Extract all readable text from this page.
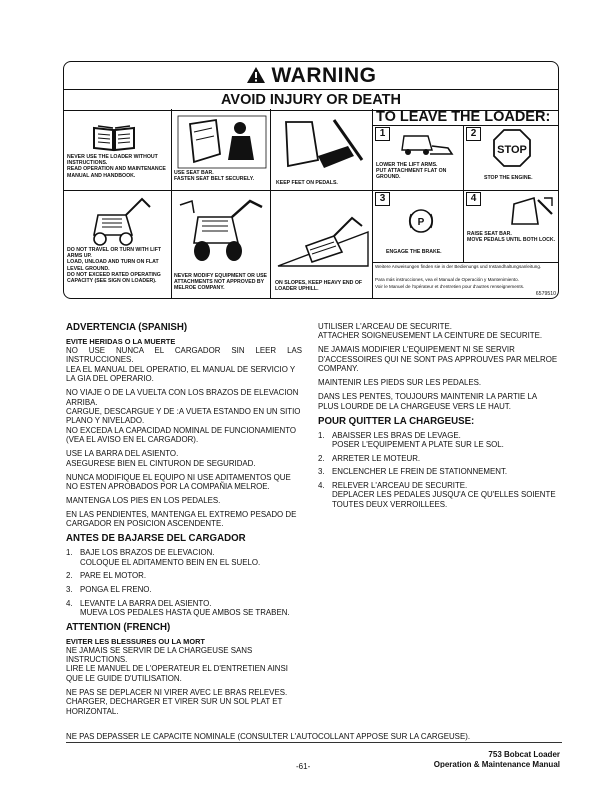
WARNING
AVOID INJURY OR DEATH
TO LEAVE THE LOADER:
NEVER USE THE LOADER WITHOUT INSTRUCTIONS.
READ OPERATION AND MAINTENANCE MANUAL AND HANDBOOK.	USE SEAT BAR.
FASTEN SEAT BELT SECURELY.
KEEP FEET ON PEDALS.
DO NOT TRAVEL OR TURN WITH LIFT ARMS UP.
LOAD, UNLOAD AND TURN ON FLAT LEVEL GROUND.
DO NOT EXCEED RATED OPERATING CAPACITY (SEE SIGN ON LOADER).
NEVER MODIFY EQUIPMENT OR USE ATTACHMENTS NOT APPROVED BY MELROE COMPANY.
ON SLOPES, KEEP HEAVY END OF LOADER UPHILL.
1
LOWER THE LIFT ARMS.
PUT ATTACHMENT FLAT ON GROUND.
2
STOP
STOP THE ENGINE.
3
P
ENGAGE THE BRAKE.
4
RAISE SEAT BAR.
MOVE PEDALS UNTIL BOTH LOCK.
Weitere Anweisungen finden sie in der Bedienungs und Instandhaltungsanleitung.
Para más instrucciones, vea el Manual de Operación y Mantenimiento.
Voir le Manuel de l'opérateur et d'entretien pour d'autres renseignements.
6579510
ADVERTENCIA (SPANISH)
EVITE HERIDAS O LA MUERTE

NO USE NUNCA EL CARGADOR SIN LEER LAS INSTRUCCIONES.

LEA EL MANUAL DEL OPERATIO, EL MANUAL DE SERVICIO Y LA GIA DEL OPERARIO.

NO VIAJE O DE LA VUELTA CON LOS BRAZOS DE ELEVACION ARRIBA.

CARGUE, DESCARGUE Y DE :A VUETA ESTANDO EN UN SITIO PLANO Y NIVELADO.

NO EXCEDA LA CAPACIDAD NOMINAL DE FUNCIONAMIENTO (VEA EL AVISO EN EL CARGADOR).

USE LA BARRA DEL ASIENTO.

ASEGURESE BIEN EL CINTURON DE SEGURIDAD.

NUNCA MODIFIQUE EL EQUIPO NI USE ADITAMENTOS QUE NO ESTEN APROBADOS POR LA COMPAÑIA MELROE.

MANTENGA LOS PIES EN LOS PEDALES.

EN LAS PENDIENTES, MANTENGA EL EXTREMO PESADO DE CARGADOR EN POSICION ASCENDENTE.

ANTES DE BAJARSE DEL CARGADOR
1. BAJE LOS BRAZOS DE ELEVACION.
COLOQUE EL ADITAMENTO BEIN EN EL SUELO.
2. PARE EL MOTOR.
3. PONGA EL FRENO.
4. LEVANTE LA BARRA DEL ASIENTO.
MUEVA LOS PEDALES HASTA QUE AMBOS SE TRABEN.
ATTENTION (FRENCH)
EVITER LES BLESSURES OU LA MORT

NE JAMAIS SE SERVIR DE LA CHARGEUSE SANS INSTRUCTIONS.

LIRE LE MANUEL DE L'OPERATEUR EL D'ENTRETIEN AINSI QUE LE GUIDE D'UTILISATION.

NE PAS SE DEPLACER NI VIRER AVEC LE BRAS RELEVES.

CHARGER, DECHARGER ET VIRER SUR UN SOL PLAT ET HORIZONTAL.

NE PAS DEPASSER LE CAPACITE NOMINALE (CONSULTER L'AUTOCOLLANT APPOSE SUR LA CARGEUSE).

UTILISER L'ARCEAU DE SECURITE.

ATTACHER SOIGNEUSEMENT LA CEINTURE DE SECURITE.

NE JAMAIS MODIFIER L'EQUIPEMENT NI SE SERVIR D'ACCESSOIRES QUI NE SONT PAS APPROUVES PAR MELROE COMPANY.

MAINTENIR LES PIEDS SUR LES PEDALES.

DANS LES PENTES, TOUJOURS MAINTENIR LA PARTIE LA PLUS LOURDE DE LA CHARGEUSE VERS LE HAUT.

POUR QUITTER LA CHARGEUSE:
1. ABAISSER LES BRAS DE LEVAGE.
POSER L'EQUIPEMENT A PLATE SUR LE SOL.
2. ARRETER LE MOTEUR.
3. ENCLENCHER LE FREIN DE STATIONNEMENT.
4. RELEVER L'ARCEAU DE SECURITE.
DEPLACER LES PEDALES JUSQU'A CE QU'ELLES SOIENTE TOUTES DEUX VERROILLEES.
-61-
753 Bobcat Loader
Operation & Maintenance Manual
